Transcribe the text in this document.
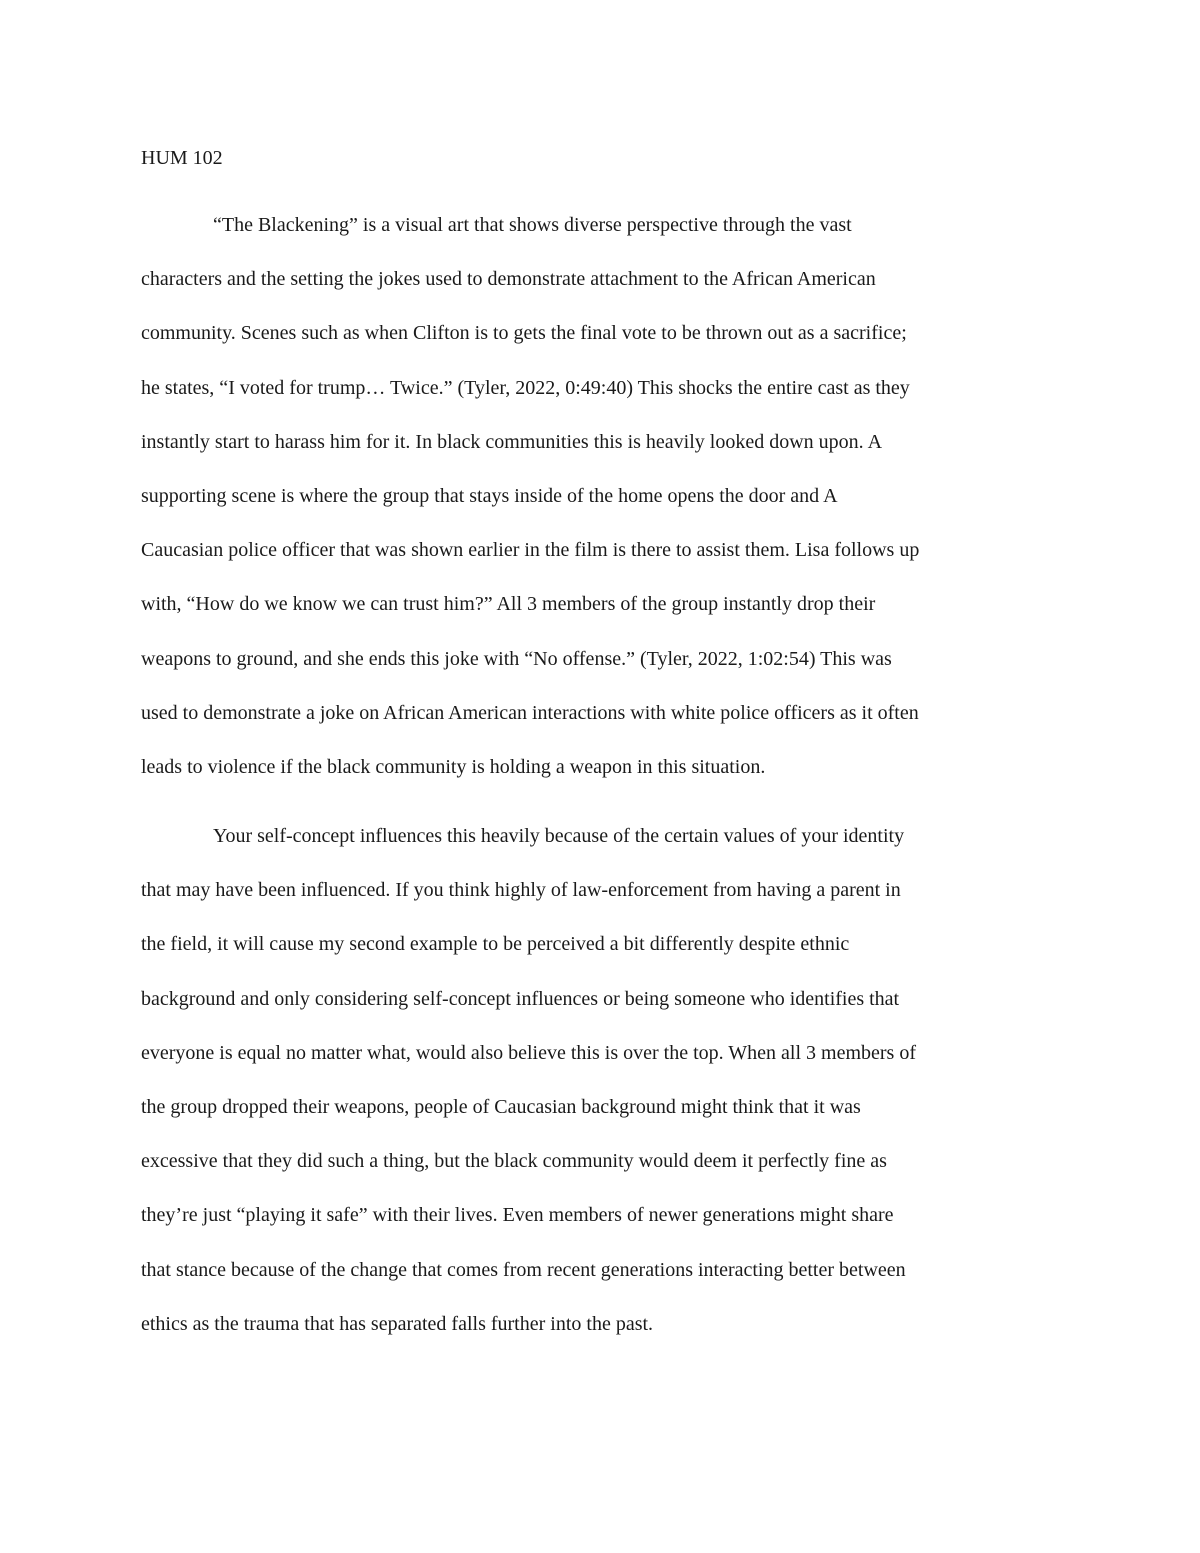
HUM 102
“The Blackening” is a visual art that shows diverse perspective through the vast
characters and the setting the jokes used to demonstrate attachment to the African American
community. Scenes such as when Clifton is to gets the final vote to be thrown out as a sacrifice;
he states, “I voted for trump… Twice.” (Tyler, 2022, 0:49:40) This shocks the entire cast as they
instantly start to harass him for it. In black communities this is heavily looked down upon. A
supporting scene is where the group that stays inside of the home opens the door and A
Caucasian police officer that was shown earlier in the film is there to assist them. Lisa follows up
with, “How do we know we can trust him?” All 3 members of the group instantly drop their
weapons to ground, and she ends this joke with “No offense.” (Tyler, 2022, 1:02:54) This was
used to demonstrate a joke on African American interactions with white police officers as it often
leads to violence if the black community is holding a weapon in this situation.
Your self-concept influences this heavily because of the certain values of your identity
that may have been influenced. If you think highly of law-enforcement from having a parent in
the field, it will cause my second example to be perceived a bit differently despite ethnic
background and only considering self-concept influences or being someone who identifies that
everyone is equal no matter what, would also believe this is over the top. When all 3 members of
the group dropped their weapons, people of Caucasian background might think that it was
excessive that they did such a thing, but the black community would deem it perfectly fine as
they’re just “playing it safe” with their lives. Even members of newer generations might share
that stance because of the change that comes from recent generations interacting better between
ethics as the trauma that has separated falls further into the past.
